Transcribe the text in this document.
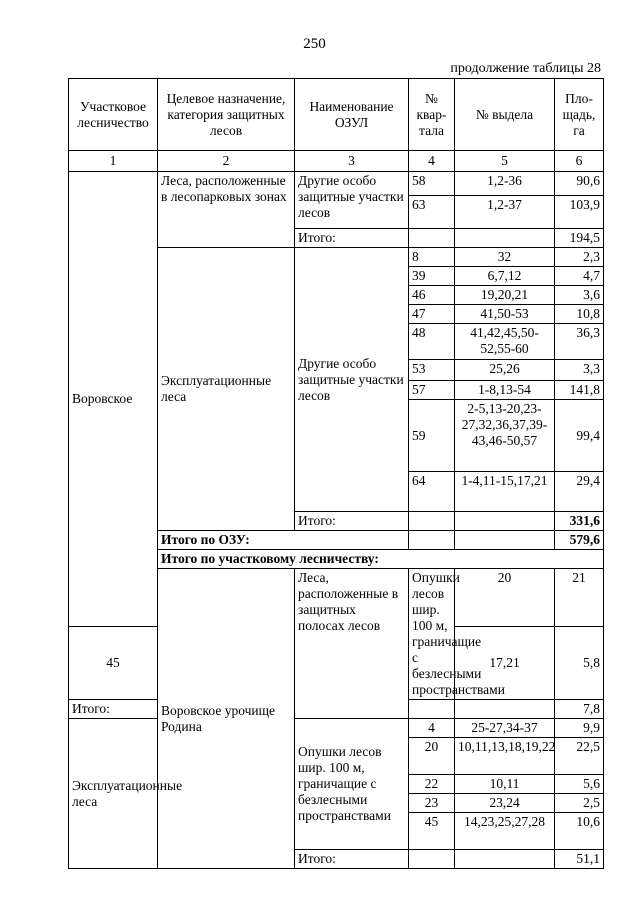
250
продолжение таблицы 28
Участковое лесничество	Целевое назначение, категория защитных лесов	Наименование ОЗУЛ	№ квар-тала	№ выдела	Пло-щадь, га	
1	2	3	4	5	6	
Воровское	Леса, расположенные в лесопарковых зонах	Другие особо защитные участки лесов	58	1,2-36	90,6	
			63	1,2-37	103,9	
		Итого:			194,5	
	Эксплуатационные леса	Другие особо защитные участки лесов	8	32	2,3	
			39	6,7,12	4,7	
			46	19,20,21	3,6	
			47	41,50-53	10,8	
			48	41,42,45,50-52,55-60	36,3	
			53	25,26	3,3	
			57	1-8,13-54	141,8	
			59	2-5,13-20,23-27,32,36,37,39-43,46-50,57	99,4	
			64	1-4,11-15,17,21	29,4	
		Итого:			331,6	
	Итого по ОЗУ:				579,6	
	Итого по участковому лесничеству:	
	Воровское урочище Родина	Леса, расположенные в защитных полосах лесов	Опушки лесов шир. 100 м, граничащие с безлесными пространствами	20	21	
45				17,21	5,8	
Итого:					7,8	
Эксплуатационные леса		Опушки лесов шир. 100 м, граничащие с безлесными пространствами	4	25-27,34-37	9,9	
			20	10,11,13,18,19,22	22,5	
			22	10,11	5,6	
			23	23,24	2,5	
			45	14,23,25,27,28	10,6	
		Итого:			51,1	
